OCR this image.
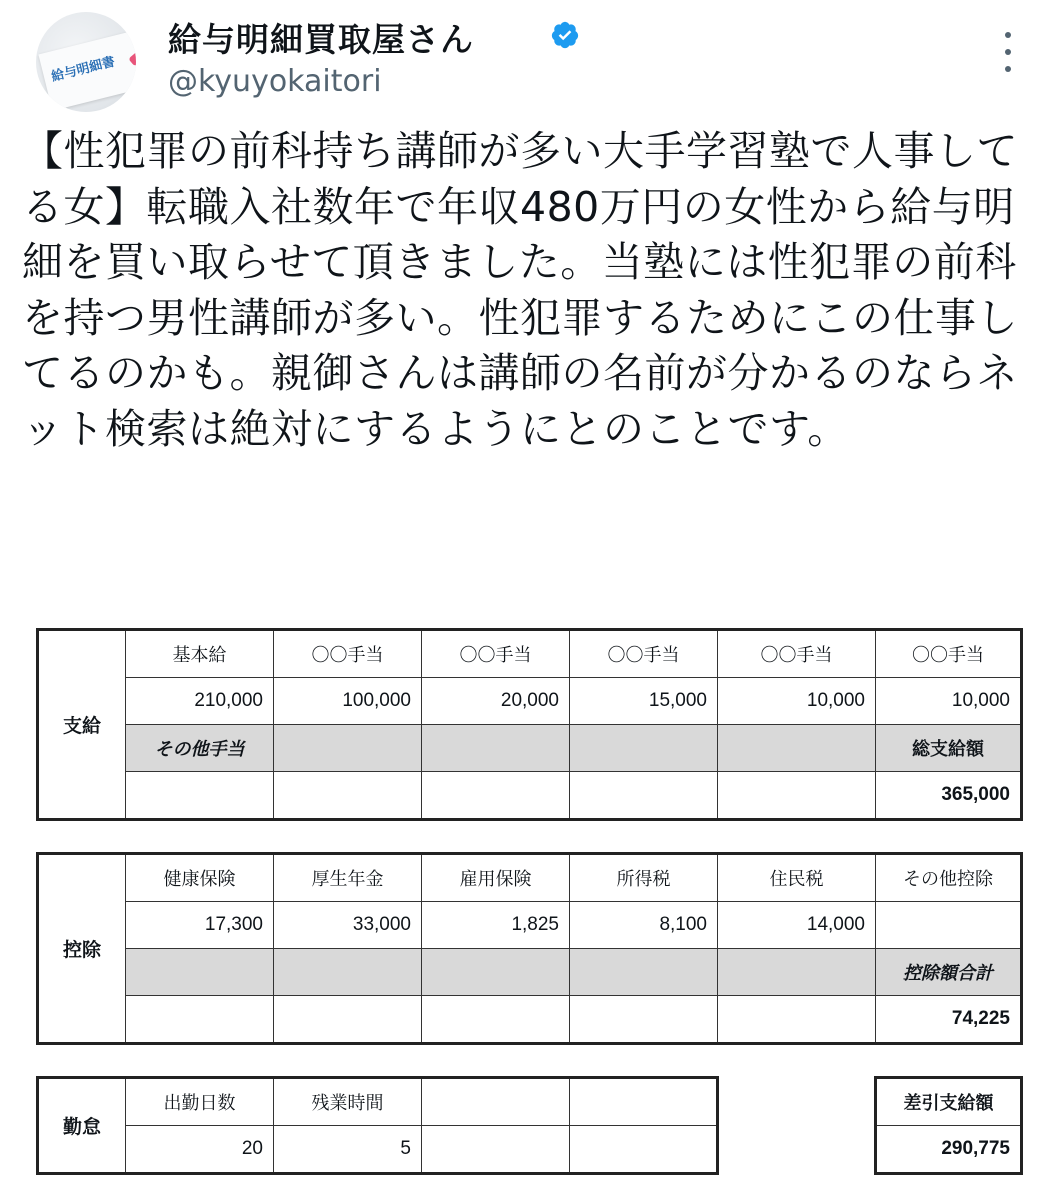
給与明細書
給与明細買取屋さん
@kyuyokaitori
【性犯罪の前科持ち講師が多い大手学習塾で人事してる女】転職入社数年で年収480万円の女性から給与明細を買い取らせて頂きました。当塾には性犯罪の前科を持つ男性講師が多い。性犯罪するためにこの仕事してるのかも。親御さんは講師の名前が分かるのならネット検索は絶対にするようにとのことです。
支給	基本給	〇〇手当	〇〇手当	〇〇手当	〇〇手当	〇〇手当
	210,000	100,000	20,000	15,000	10,000	10,000
	その他手当					総支給額
						365,000
控除	健康保険	厚生年金	雇用保険	所得税	住民税	その他控除
	17,300	33,000	1,825	8,100	14,000	
						控除額合計
						74,225
勤怠	出勤日数	残業時間		
	20	5		
差引支給額
290,775
